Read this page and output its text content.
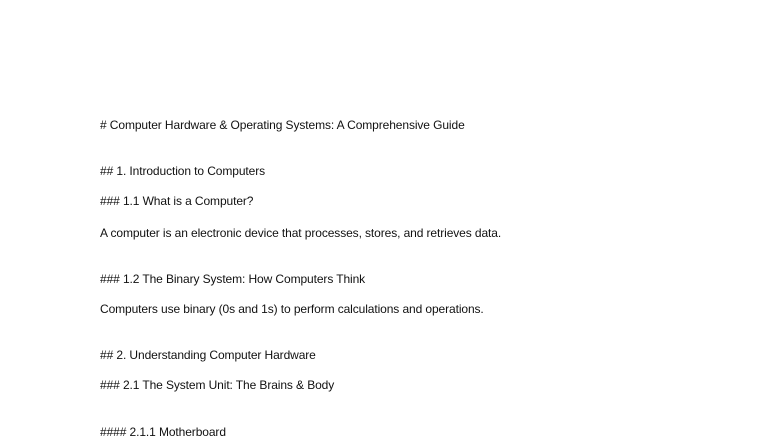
# Computer Hardware & Operating Systems: A Comprehensive Guide
## 1. Introduction to Computers
### 1.1 What is a Computer?
A computer is an electronic device that processes, stores, and retrieves data.
### 1.2 The Binary System: How Computers Think
Computers use binary (0s and 1s) to perform calculations and operations.
## 2. Understanding Computer Hardware
### 2.1 The System Unit: The Brains & Body
#### 2.1.1 Motherboard
